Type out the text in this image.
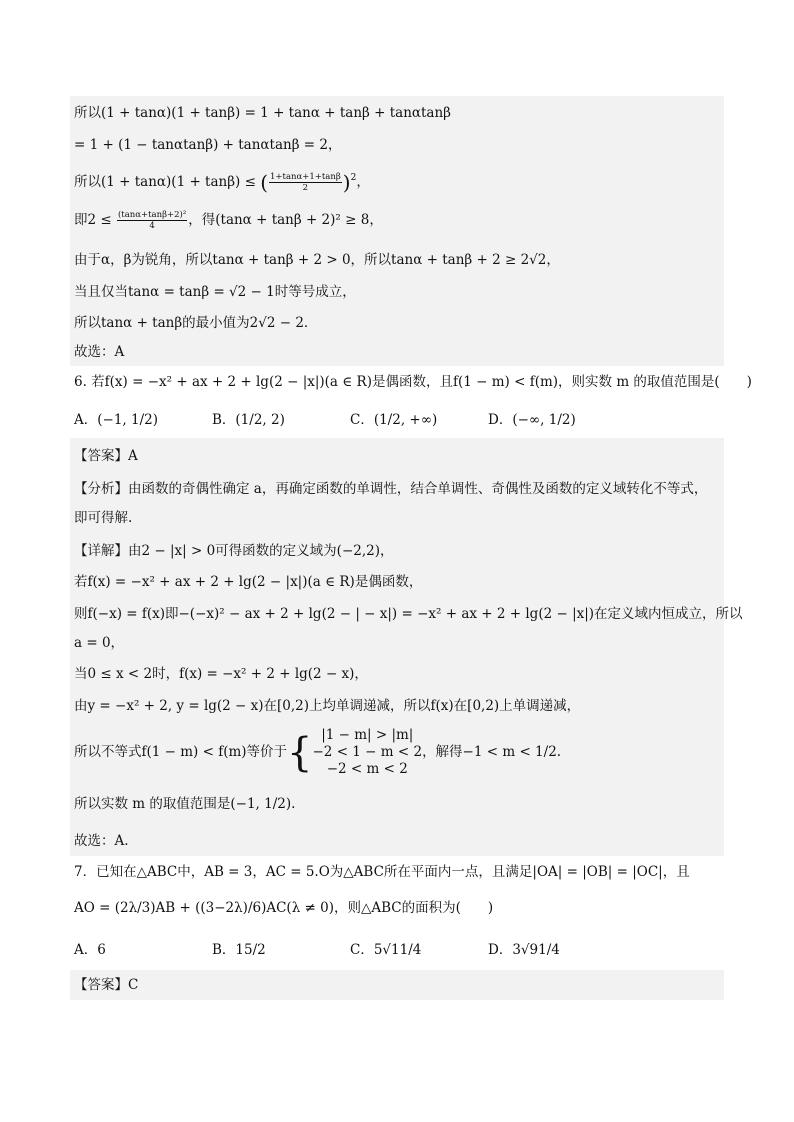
所以(1 + tanα)(1 + tanβ) = 1 + tanα + tanβ + tanαtanβ
= 1 + (1 − tanαtanβ) + tanαtanβ = 2，
所以(1 + tanα)(1 + tanβ) ≤ ( $\frac{1+\tan\alpha+1+\tan\beta}{2} )^2$，
即$2 \le \frac{\text{(tanα+tanβ+2)²}}{4}$ ，得(tanα + tanβ + 2)² ≥ 8，
由于α，β为锐角，所以tanα + tanβ + 2 > 0，所以tanα + tanβ + 2 ≥ 2√2，
当且仅当tanα = tanβ = √2 − 1时等号成立，
所以tanα + tanβ的最小值为2√2 − 2．
故选：A
6. 若f(x) = −x² + ax + 2 + lg(2 − |x|)(a ∈ R)是偶函数，且f(1 − m) < f(m)，则实数 m 的取值范围是(　　)
A．(−1, 1/2)	B．(1/2, 2)	C．(1/2, +∞)	D．(−∞, 1/2)
【答案】A
【分析】由函数的奇偶性确定 a，再确定函数的单调性，结合单调性、奇偶性及函数的定义域转化不等式，
即可得解.
【详解】由2 − |x| > 0可得函数的定义域为(−2,2)，
若f(x) = −x² + ax + 2 + lg(2 − |x|)(a ∈ R)是偶函数，
则f(−x) = f(x)即−(−x)² − ax + 2 + lg(2 − | − x|) = −x² + ax + 2 + lg(2 − |x|)在定义域内恒成立，所以
a = 0，
当0 ≤ x < 2时，f(x) = −x² + 2 + lg(2 − x)，
由y = −x² + 2, y = lg(2 − x)在[0,2)上均单调递减，所以f(x)在[0,2)上单调递减，
所以不等式f(1 − m) < f(m)等价于{ |1 − m| > |m|
−2 < 1 − m < 2
−2 < m < 2
，解得−1 < m < 1/2.
所以实数 m 的取值范围是(−1, 1/2).
故选：A.
7．已知在△ABC中，AB = 3，AC = 5.O为△ABC所在平面内一点，且满足|OA| = |OB| = |OC|，且
AO = (2λ/3)AB + ((3−2λ)/6)AC(λ ≠ 0)，则△ABC的面积为(　　)
A．6	B．15/2	C．5√11/4	D．3√91/4
【答案】C
